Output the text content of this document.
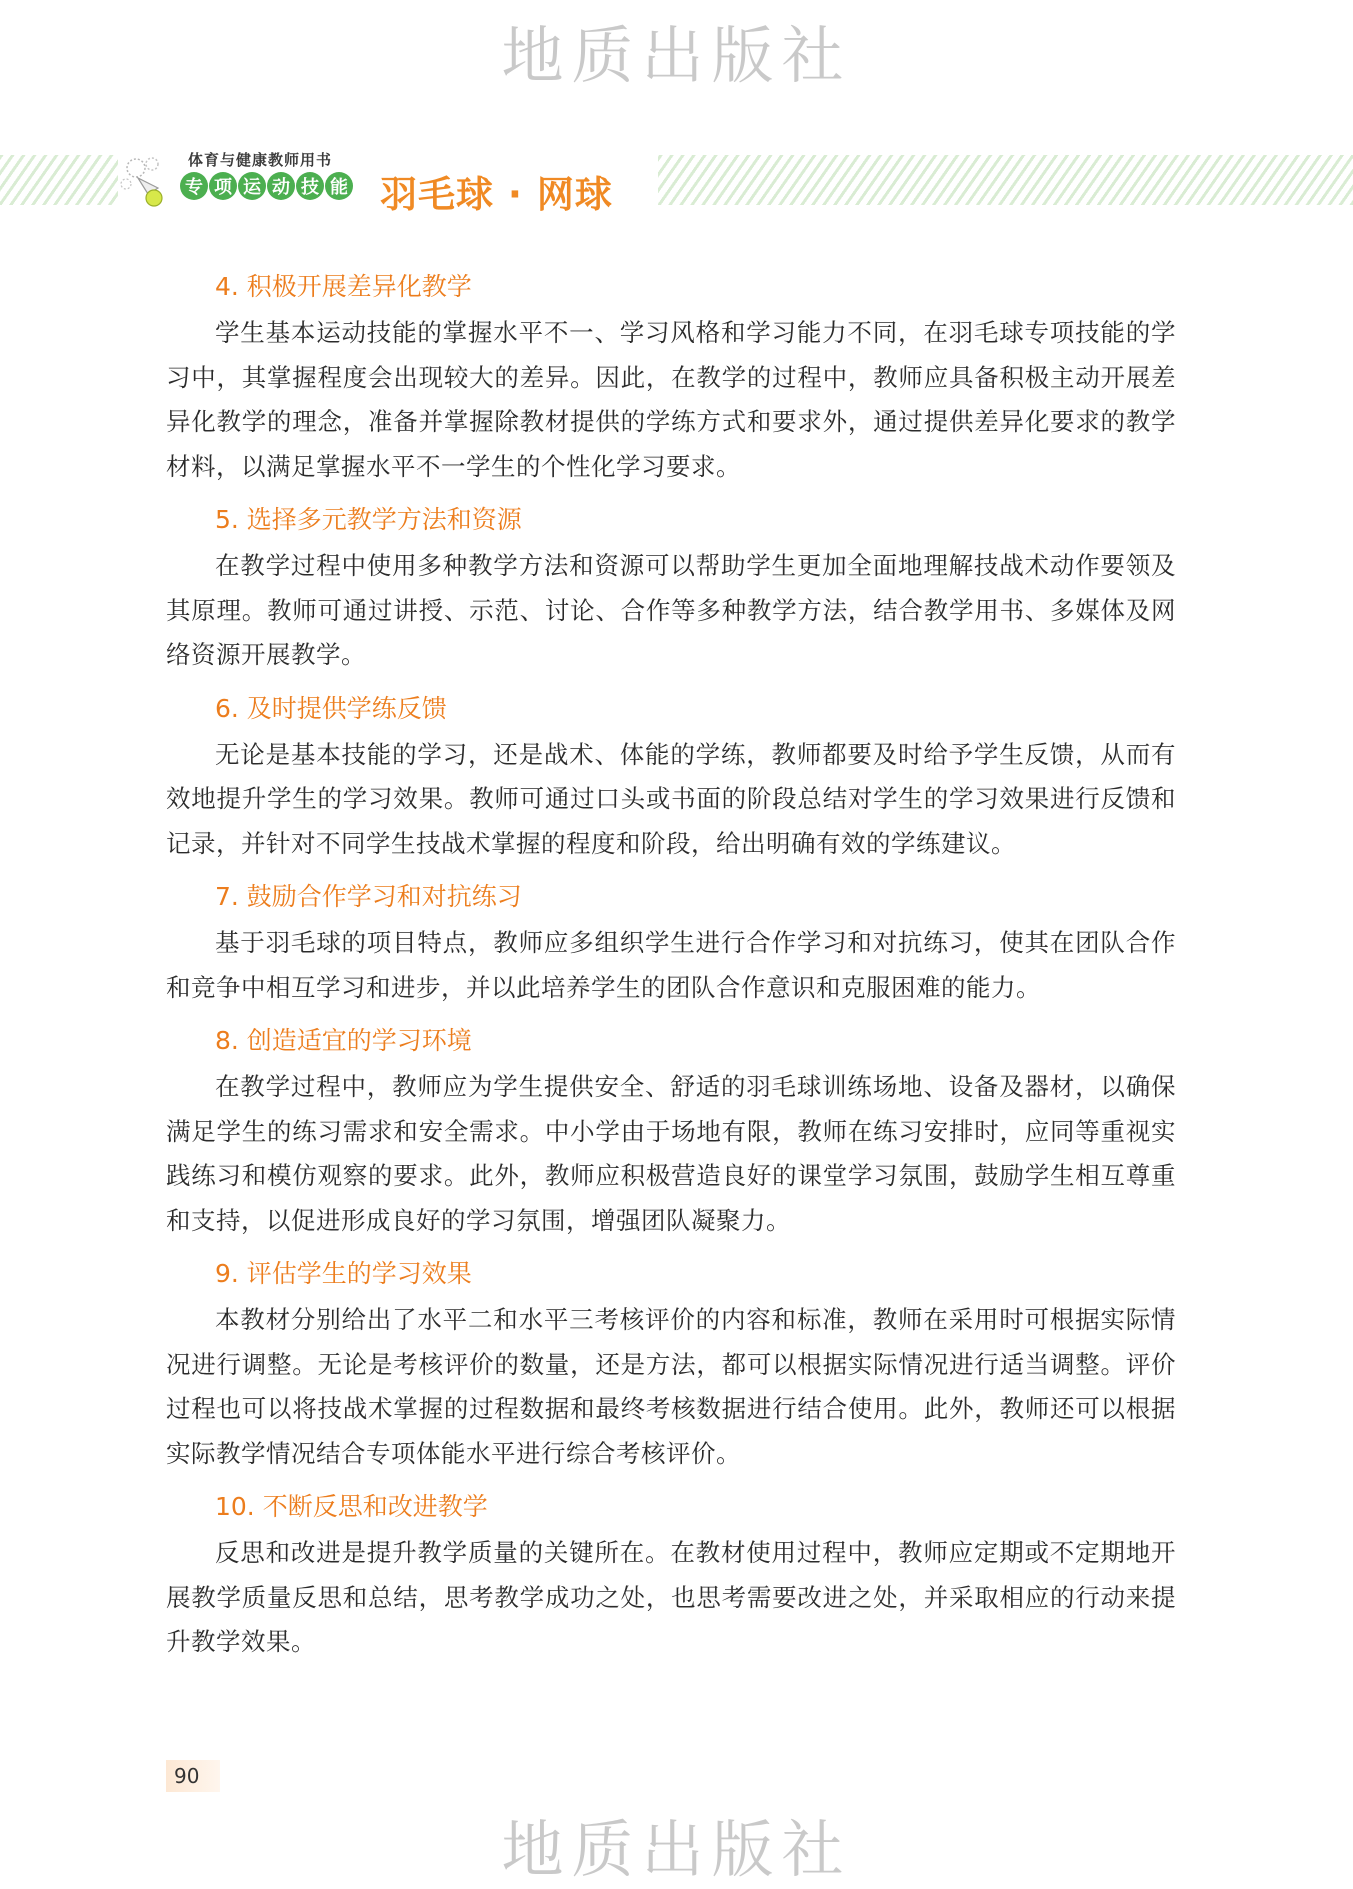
地质出版社
体育与健康教师用书
专 项 运 动 技 能 羽毛球 · 网球
4. 积极开展差异化教学

学生基本运动技能的掌握水平不一、学习风格和学习能力不同，在羽毛球专项技能的学习中，其掌握程度会出现较大的差异。因此，在教学的过程中，教师应具备积极主动开展差异化教学的理念，准备并掌握除教材提供的学练方式和要求外，通过提供差异化要求的教学材料，以满足掌握水平不一学生的个性化学习要求。

5. 选择多元教学方法和资源

在教学过程中使用多种教学方法和资源可以帮助学生更加全面地理解技战术动作要领及其原理。教师可通过讲授、示范、讨论、合作等多种教学方法，结合教学用书、多媒体及网络资源开展教学。

6. 及时提供学练反馈

无论是基本技能的学习，还是战术、体能的学练，教师都要及时给予学生反馈，从而有效地提升学生的学习效果。教师可通过口头或书面的阶段总结对学生的学习效果进行反馈和记录，并针对不同学生技战术掌握的程度和阶段，给出明确有效的学练建议。

7. 鼓励合作学习和对抗练习

基于羽毛球的项目特点，教师应多组织学生进行合作学习和对抗练习，使其在团队合作和竞争中相互学习和进步，并以此培养学生的团队合作意识和克服困难的能力。

8. 创造适宜的学习环境

在教学过程中，教师应为学生提供安全、舒适的羽毛球训练场地、设备及器材，以确保满足学生的练习需求和安全需求。中小学由于场地有限，教师在练习安排时，应同等重视实践练习和模仿观察的要求。此外，教师应积极营造良好的课堂学习氛围，鼓励学生相互尊重和支持，以促进形成良好的学习氛围，增强团队凝聚力。

9. 评估学生的学习效果

本教材分别给出了水平二和水平三考核评价的内容和标准，教师在采用时可根据实际情况进行调整。无论是考核评价的数量，还是方法，都可以根据实际情况进行适当调整。评价过程也可以将技战术掌握的过程数据和最终考核数据进行结合使用。此外，教师还可以根据实际教学情况结合专项体能水平进行综合考核评价。

10. 不断反思和改进教学

反思和改进是提升教学质量的关键所在。在教材使用过程中，教师应定期或不定期地开展教学质量反思和总结，思考教学成功之处，也思考需要改进之处，并采取相应的行动来提升教学效果。

90
地质出版社
